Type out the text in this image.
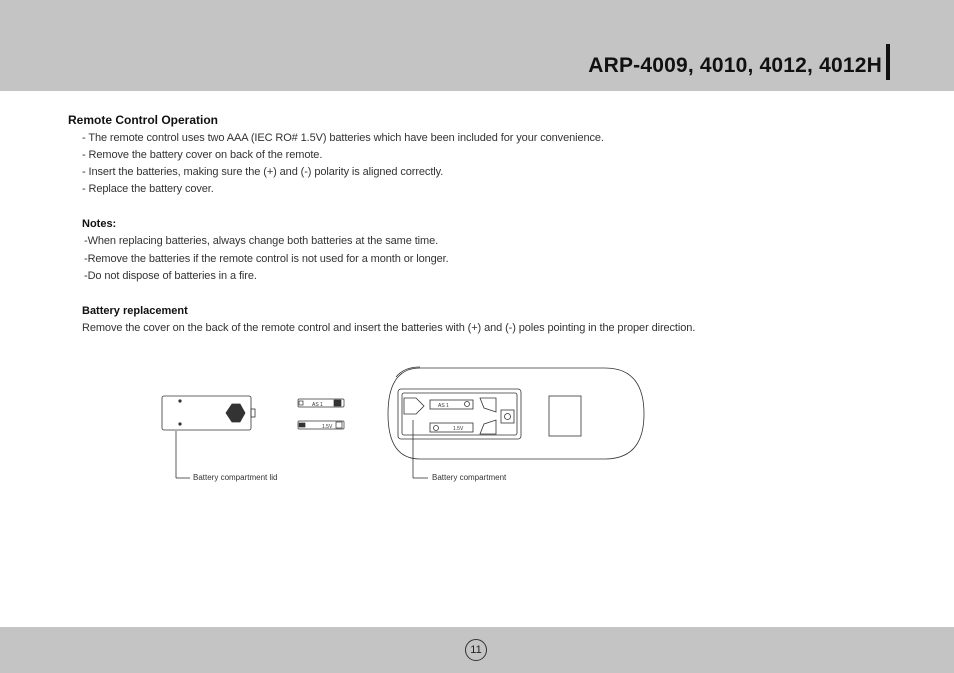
ARP-4009, 4010, 4012, 4012H
Remote Control Operation
- The remote control uses two AAA (IEC RO# 1.5V) batteries which have been included for your convenience.
- Remove the battery cover on back of the remote.
- Insert the batteries, making sure the (+) and (-) polarity is aligned correctly.
- Replace the battery cover.
Notes:
-When replacing batteries, always change both batteries at the same time.
-Remove the batteries if the remote control is not used for a month or longer.
-Do not dispose of batteries in a fire.
Battery replacement
Remove the cover on the back of the remote control and insert the batteries with (+) and (-) poles pointing in the proper direction.
AS 1
1.5V
AS 1
1.5V
Battery compartment lid	Battery compartment
11
